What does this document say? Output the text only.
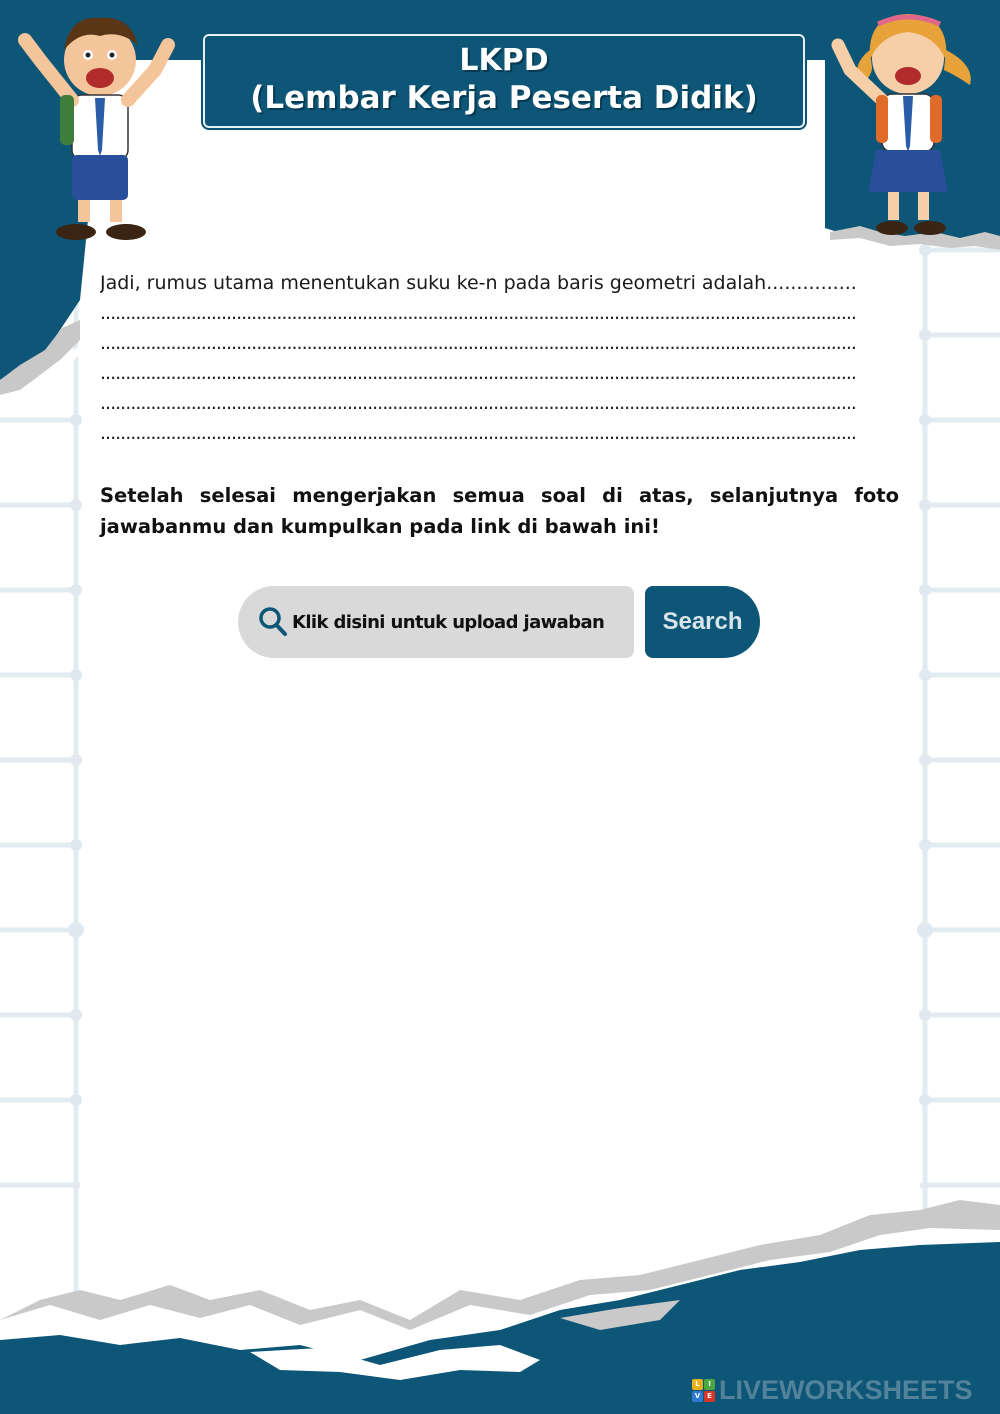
LKPD
(Lembar Kerja Peserta Didik)
Jadi, rumus utama menentukan suku ke-n pada baris geometri adalah...............
......................................................................................................................................................
......................................................................................................................................................
......................................................................................................................................................
......................................................................................................................................................
......................................................................................................................................................
Setelah selesai mengerjakan semua soal di atas, selanjutnya foto jawabanmu dan kumpulkan pada link di bawah ini!
Klik disini untuk upload jawaban	Search
L	I
V E LIVEWORKSHEETS
